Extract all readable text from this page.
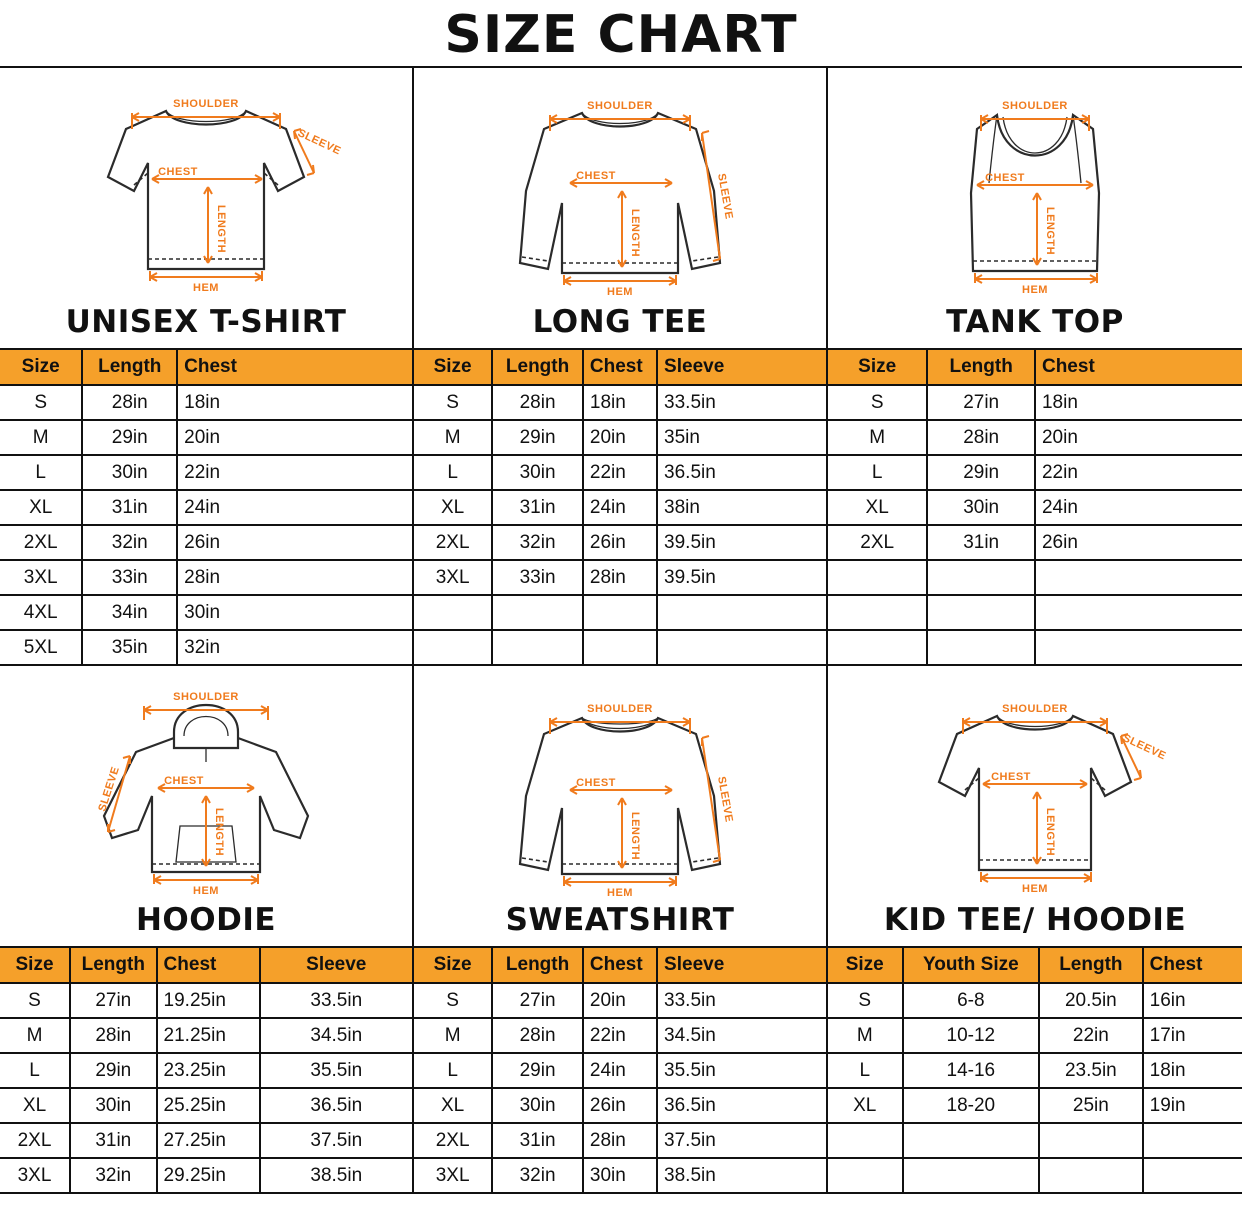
SIZE CHART
SHOULDER
SLEEVE
CHEST
LENGTH
HEM
UNISEX T-SHIRT
Size	Length	Chest
S	28in	18in
M	29in	20in
L	30in	22in
XL	31in	24in
2XL	32in	26in
3XL	33in	28in
4XL	34in	30in
5XL	35in	32in
SHOULDER
SLEEVE
CHEST
LENGTH
HEM
LONG TEE
Size	Length	Chest	Sleeve
S	28in	18in	33.5in
M	29in	20in	35in
L	30in	22in	36.5in
XL	31in	24in	38in
2XL	32in	26in	39.5in
3XL	33in	28in	39.5in

SHOULDER
CHEST
LENGTH
HEM
TANK TOP
Size	Length	Chest
S	27in	18in
M	28in	20in
L	29in	22in
XL	30in	24in
2XL	31in	26in

SHOULDER
SLEEVE	CHEST
LENGTH
HEM
HOODIE
Size	Length	Chest	Sleeve
S	27in	19.25in	33.5in
M	28in	21.25in	34.5in
L	29in	23.25in	35.5in
XL	30in	25.25in	36.5in
2XL	31in	27.25in	37.5in
3XL	32in	29.25in	38.5in
SHOULDER
SLEEVE
CHEST
LENGTH
HEM
SWEATSHIRT
Size	Length	Chest	Sleeve
S	27in	20in	33.5in
M	28in	22in	34.5in
L	29in	24in	35.5in
XL	30in	26in	36.5in
2XL	31in	28in	37.5in
3XL	32in	30in	38.5in
SHOULDER
SLEEVE
CHEST
LENGTH
HEM
KID TEE/ HOODIE
Size	Youth Size	Length	Chest
S	6-8	20.5in	16in
M	10-12	22in	17in
L	14-16	23.5in	18in
XL	18-20	25in	19in
